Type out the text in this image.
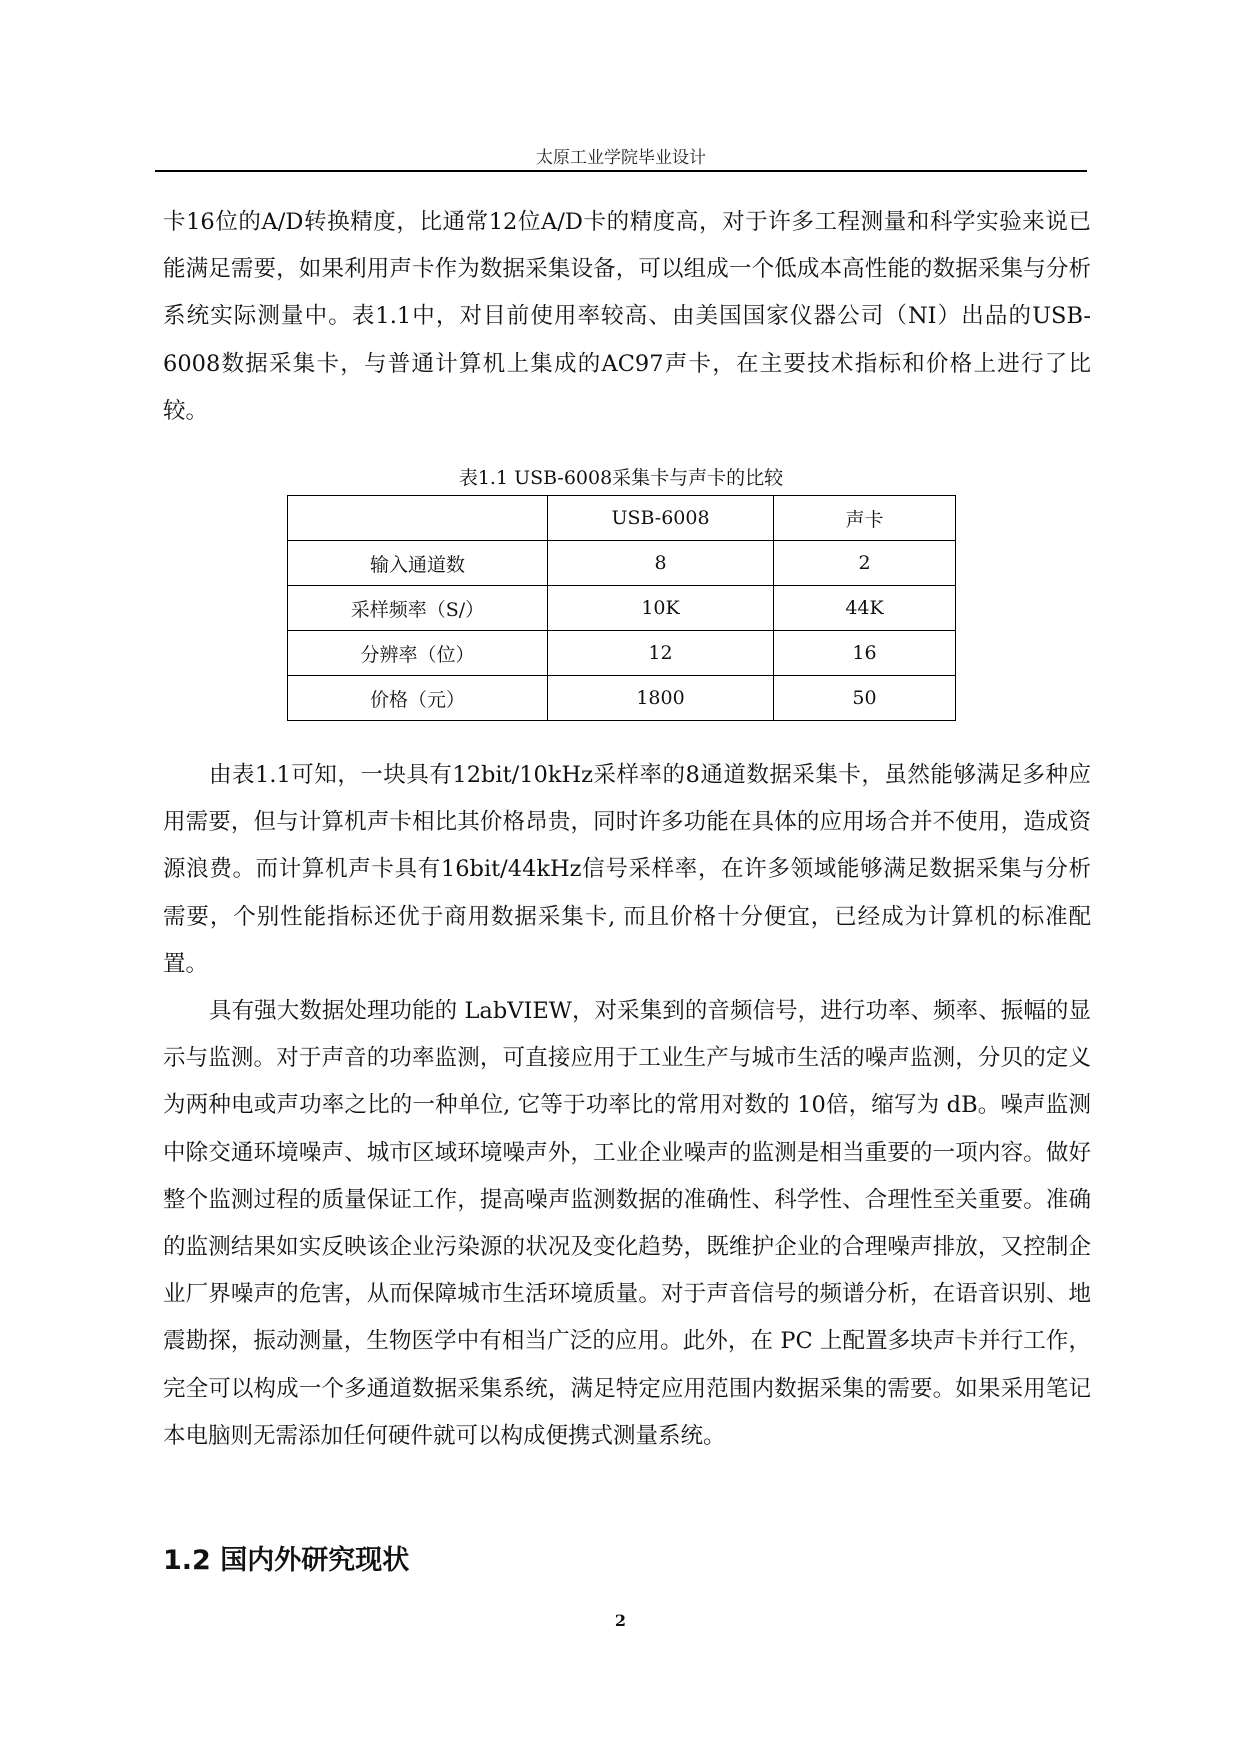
太原工业学院毕业设计

卡16位的A/D转换精度，比通常12位A/D卡的精度高，对于许多工程测量和科学实验来说已能满足需要，如果利用声卡作为数据采集设备，可以组成一个低成本高性能的数据采集与分析系统实际测量中。表1.1中，对目前使用率较高、由美国国家仪器公司（NI）出品的USB-6008数据采集卡，与普通计算机上集成的AC97声卡，在主要技术指标和价格上进行了比较。

表1.1 USB-6008采集卡与声卡的比较
	USB-6008	声卡
输入通道数	8	2
采样频率（S/）	10K	44K
分辨率（位）	12	16
价格（元）	1800	50

由表1.1可知，一块具有12bit/10kHz采样率的8通道数据采集卡，虽然能够满足多种应用需要，但与计算机声卡相比其价格昂贵，同时许多功能在具体的应用场合并不使用，造成资源浪费。而计算机声卡具有16bit/44kHz信号采样率，在许多领域能够满足数据采集与分析需要，个别性能指标还优于商用数据采集卡, 而且价格十分便宜，已经成为计算机的标准配置。

具有强大数据处理功能的 LabVIEW，对采集到的音频信号，进行功率、频率、振幅的显示与监测。对于声音的功率监测，可直接应用于工业生产与城市生活的噪声监测，分贝的定义为两种电或声功率之比的一种单位, 它等于功率比的常用对数的 10倍，缩写为 dB。噪声监测中除交通环境噪声、城市区域环境噪声外，工业企业噪声的监测是相当重要的一项内容。做好整个监测过程的质量保证工作，提高噪声监测数据的准确性、科学性、合理性至关重要。准确的监测结果如实反映该企业污染源的状况及变化趋势，既维护企业的合理噪声排放，又控制企业厂界噪声的危害，从而保障城市生活环境质量。对于声音信号的频谱分析，在语音识别、地震勘探，振动测量，生物医学中有相当广泛的应用。此外，在 PC 上配置多块声卡并行工作，完全可以构成一个多通道数据采集系统，满足特定应用范围内数据采集的需要。如果采用笔记本电脑则无需添加任何硬件就可以构成便携式测量系统。

1.2 国内外研究现状
2
